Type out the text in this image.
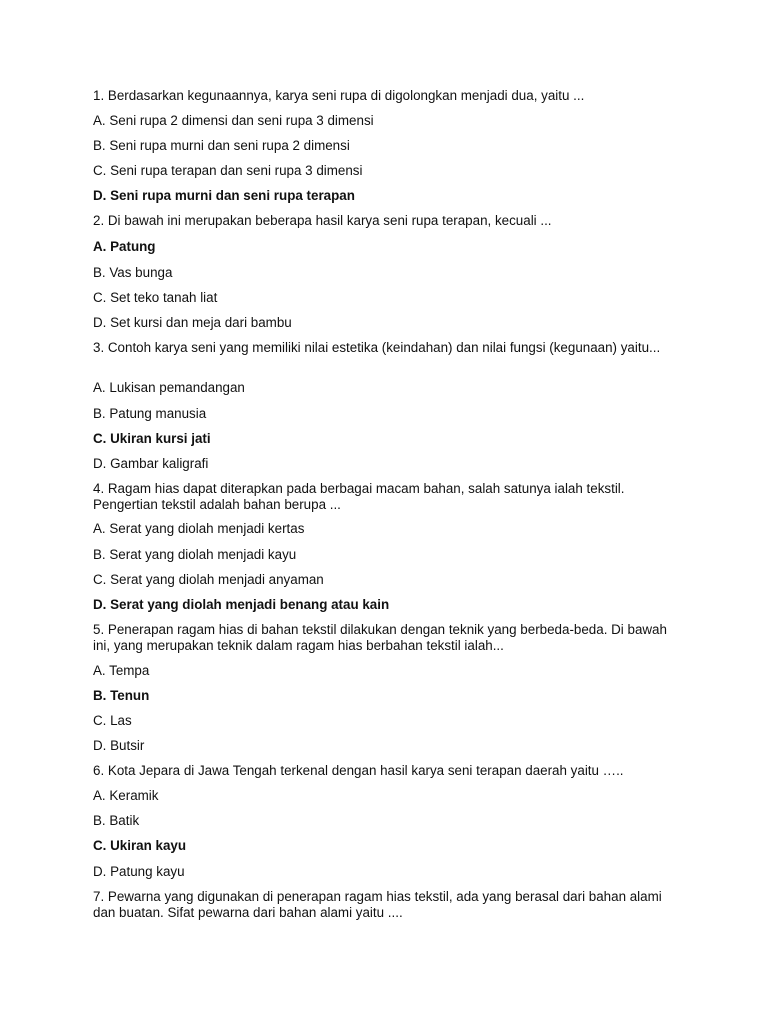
1. Berdasarkan kegunaannya, karya seni rupa di digolongkan menjadi dua, yaitu ...
A. Seni rupa 2 dimensi dan seni rupa 3 dimensi
B. Seni rupa murni dan seni rupa 2 dimensi
C. Seni rupa terapan dan seni rupa 3 dimensi
D. Seni rupa murni dan seni rupa terapan
2. Di bawah ini merupakan beberapa hasil karya seni rupa terapan, kecuali ...
A. Patung
B. Vas bunga
C. Set teko tanah liat
D. Set kursi dan meja dari bambu
3. Contoh karya seni yang memiliki nilai estetika (keindahan) dan nilai fungsi (kegunaan) yaitu...
A. Lukisan pemandangan
B. Patung manusia
C. Ukiran kursi jati
D. Gambar kaligrafi
4. Ragam hias dapat diterapkan pada berbagai macam bahan, salah satunya ialah tekstil. Pengertian tekstil adalah bahan berupa ...
A. Serat yang diolah menjadi kertas
B. Serat yang diolah menjadi kayu
C. Serat yang diolah menjadi anyaman
D. Serat yang diolah menjadi benang atau kain
5. Penerapan ragam hias di bahan tekstil dilakukan dengan teknik yang berbeda-beda. Di bawah ini, yang merupakan teknik dalam ragam hias berbahan tekstil ialah...
A. Tempa
B. Tenun
C. Las
D. Butsir
6. Kota Jepara di Jawa Tengah terkenal dengan hasil karya seni terapan daerah yaitu …..
A. Keramik
B. Batik
C. Ukiran kayu
D. Patung kayu
7. Pewarna yang digunakan di penerapan ragam hias tekstil, ada yang berasal dari bahan alami dan buatan. Sifat pewarna dari bahan alami yaitu ....
